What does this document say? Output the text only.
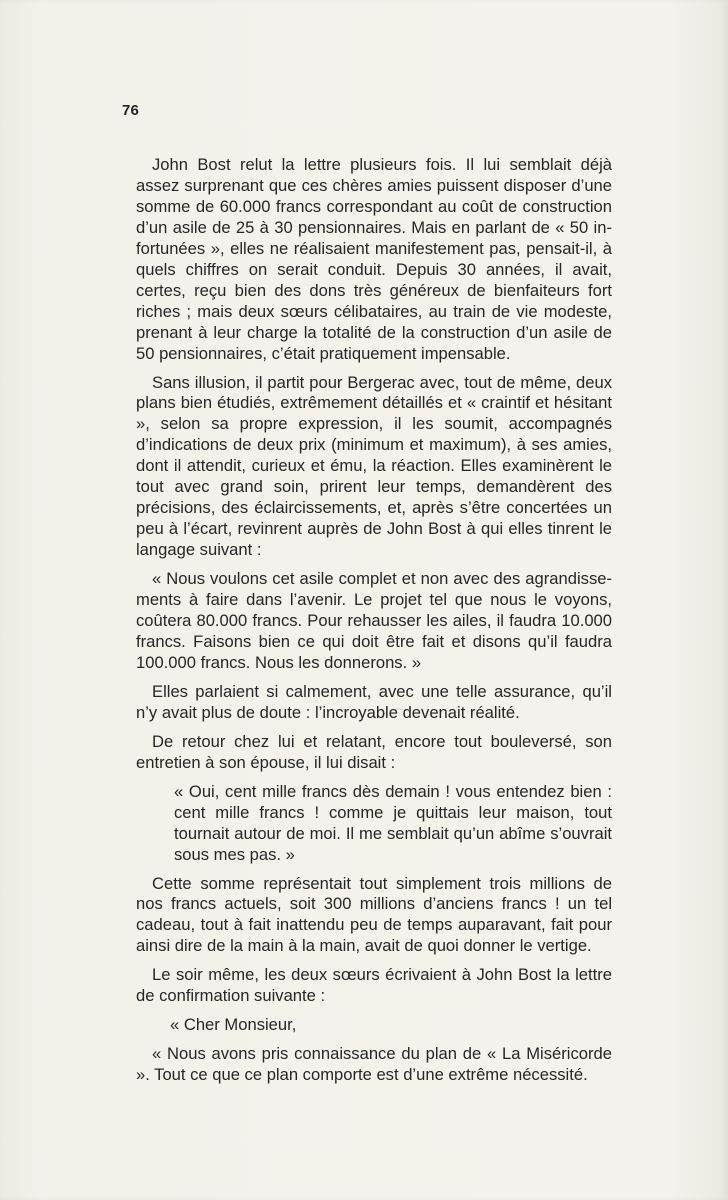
76

John Bost relut la lettre plusieurs fois. Il lui semblait déjà assez surprenant que ces chères amies puissent disposer d’une somme de 60.000 francs correspondant au coût de construction d’un asile de 25 à 30 pensionnaires. Mais en parlant de « 50 infortunées », elles ne réalisaient manifestement pas, pensait-il, à quels chiffres on serait conduit. Depuis 30 années, il avait, certes, reçu bien des dons très généreux de bienfaiteurs fort riches ; mais deux sœurs célibataires, au train de vie modeste, prenant à leur charge la totalité de la construction d’un asile de 50 pensionnaires, c’était pratiquement impensable.

Sans illusion, il partit pour Bergerac avec, tout de même, deux plans bien étudiés, extrêmement détaillés et « craintif et hésitant », selon sa propre expression, il les soumit, accompagnés d’indications de deux prix (minimum et maximum), à ses amies, dont il attendit, curieux et ému, la réaction. Elles examinèrent le tout avec grand soin, prirent leur temps, demandèrent des précisions, des éclaircissements, et, après s’être concertées un peu à l’écart, revinrent auprès de John Bost à qui elles tinrent le langage suivant :

« Nous voulons cet asile complet et non avec des agrandissements à faire dans l’avenir. Le projet tel que nous le voyons, coûtera 80.000 francs. Pour rehausser les ailes, il faudra 10.000 francs. Faisons bien ce qui doit être fait et disons qu’il faudra 100.000 francs. Nous les donnerons. »

Elles parlaient si calmement, avec une telle assurance, qu’il n’y avait plus de doute : l’incroyable devenait réalité.

De retour chez lui et relatant, encore tout bouleversé, son entretien à son épouse, il lui disait :

« Oui, cent mille francs dès demain ! vous entendez bien : cent mille francs ! comme je quittais leur maison, tout tournait autour de moi. Il me semblait qu’un abîme s’ouvrait sous mes pas. »

Cette somme représentait tout simplement trois millions de nos francs actuels, soit 300 millions d’anciens francs ! un tel cadeau, tout à fait inattendu peu de temps auparavant, fait pour ainsi dire de la main à la main, avait de quoi donner le vertige.

Le soir même, les deux sœurs écrivaient à John Bost la lettre de confirmation suivante :

« Cher Monsieur,

« Nous avons pris connaissance du plan de « La Miséricorde ». Tout ce que ce plan comporte est d’une extrême nécessité.
